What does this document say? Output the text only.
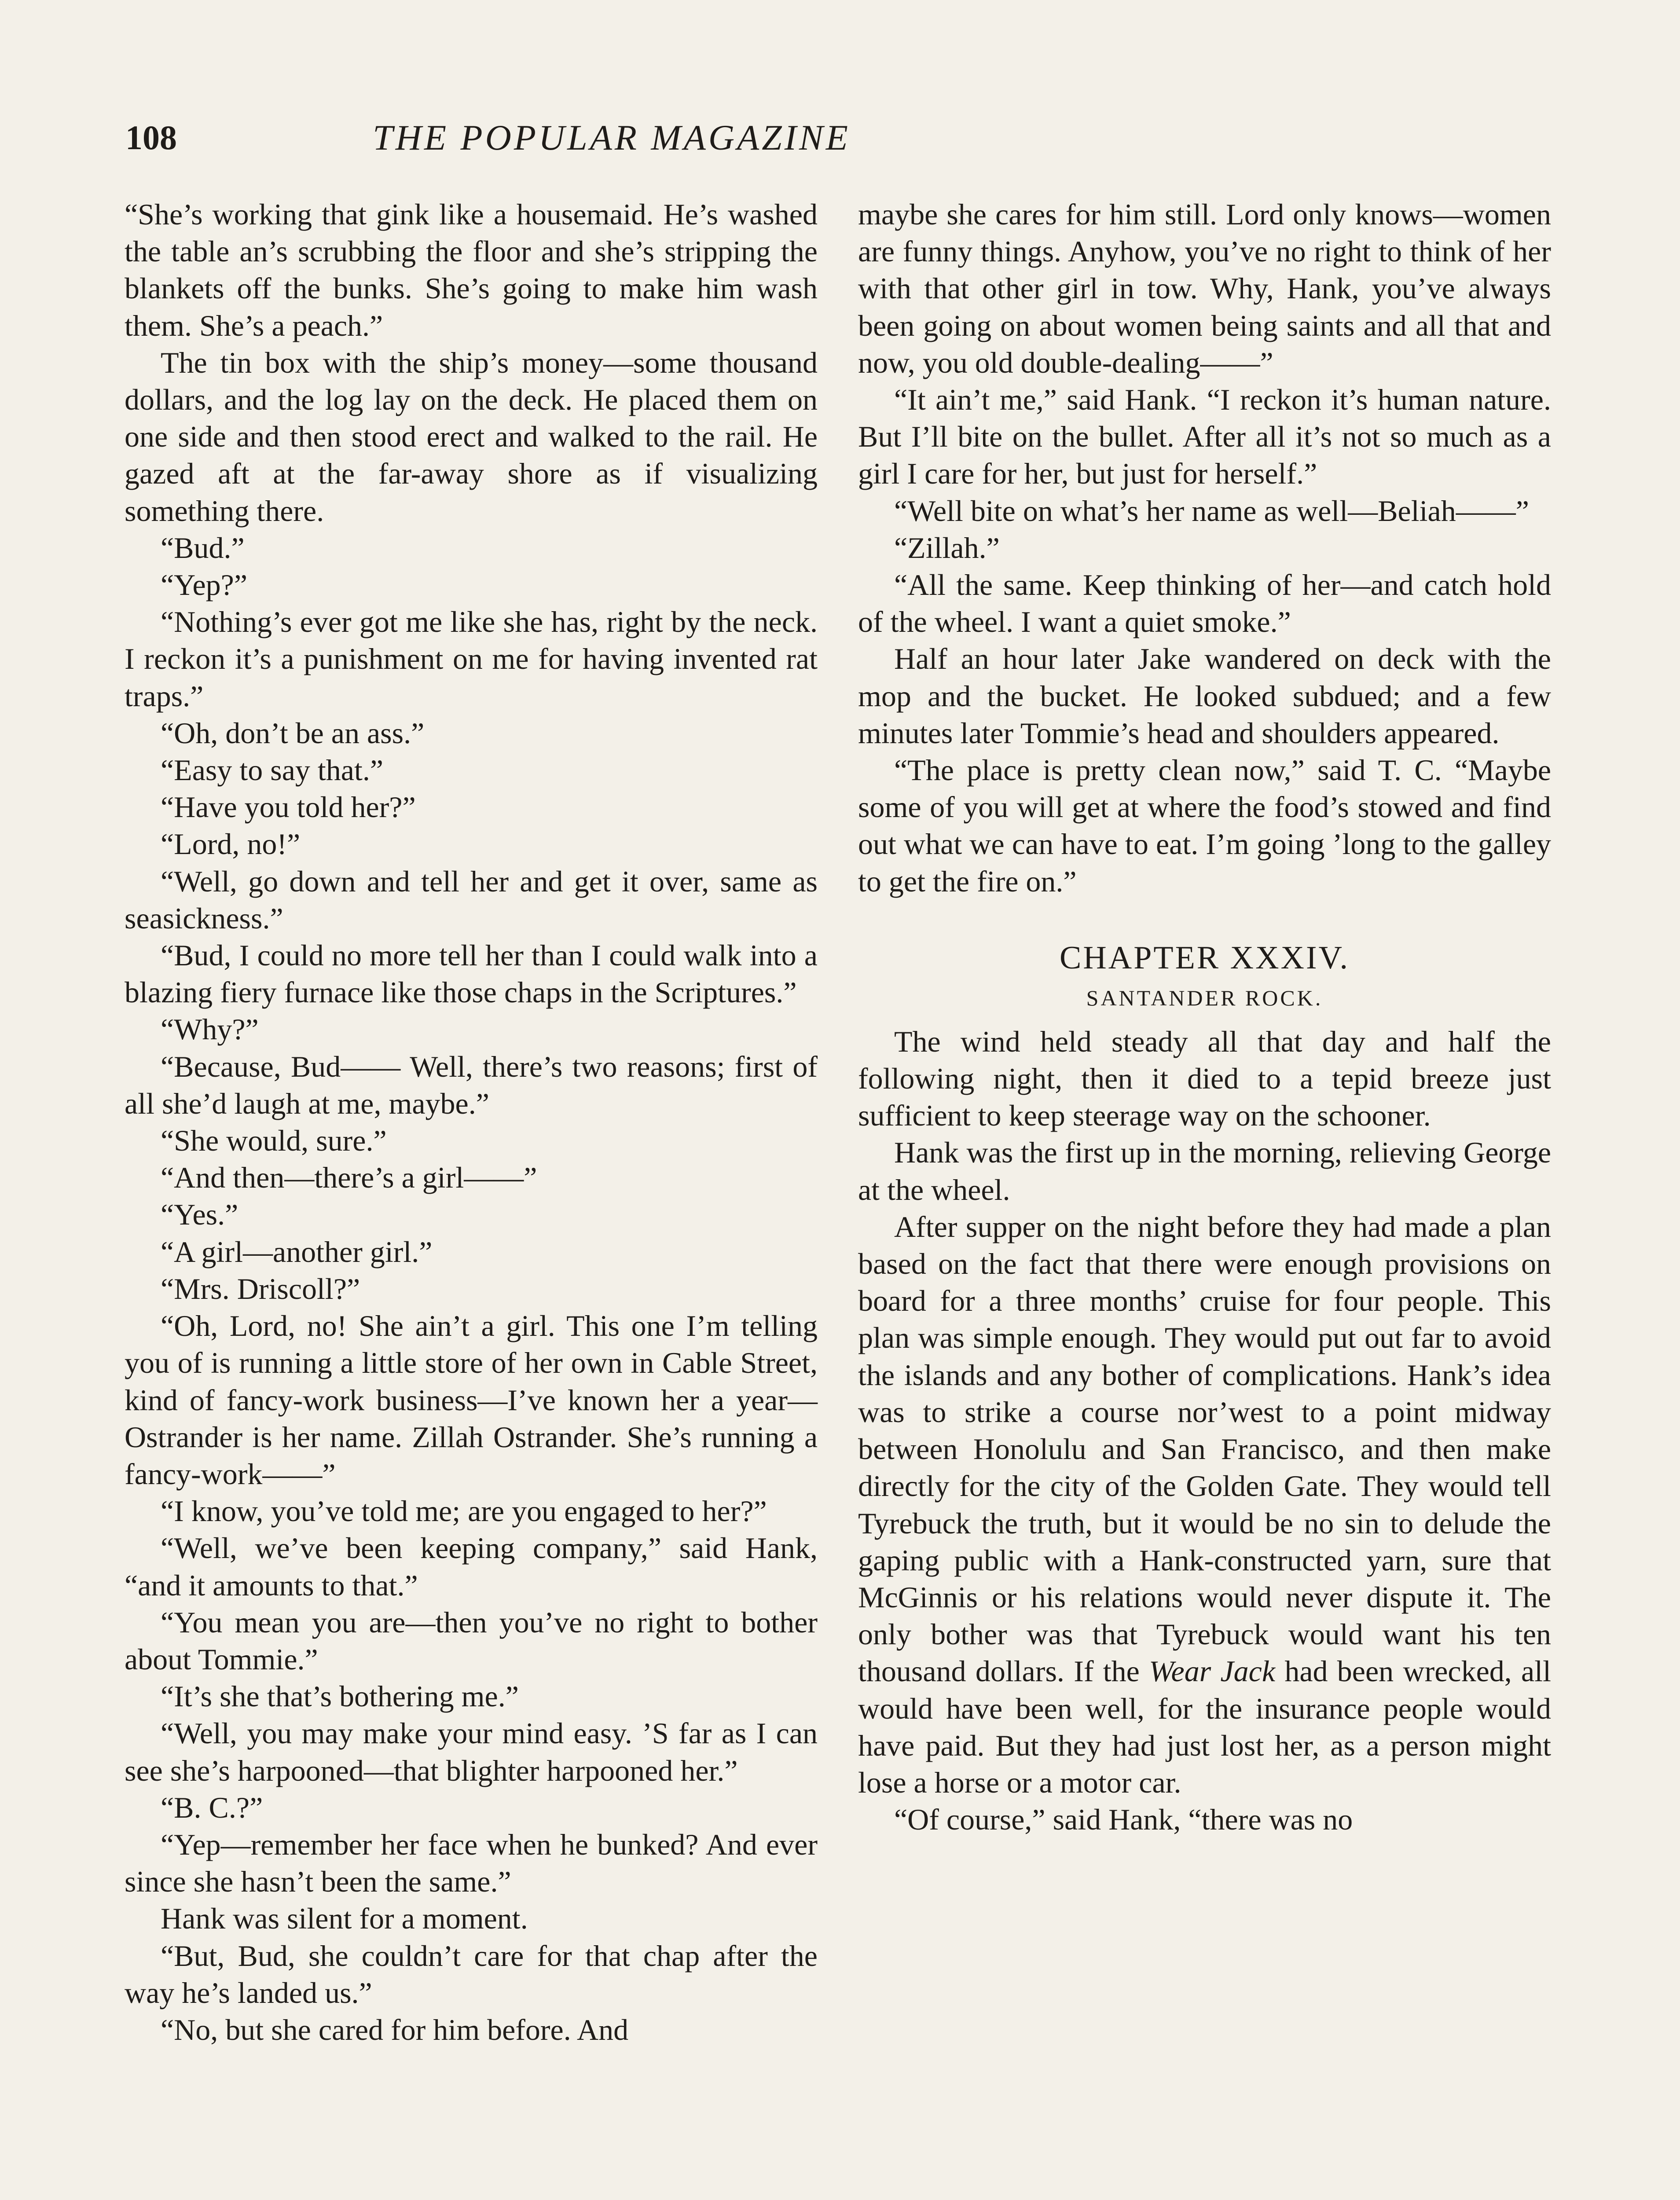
THE POPULAR MAGAZINE
108

“She’s working that gink like a housemaid. He’s washed the table an’s scrubbing the floor and she’s stripping the blankets off the bunks. She’s going to make him wash them. She’s a peach.”

The tin box with the ship’s money—some thousand dollars, and the log lay on the deck. He placed them on one side and then stood erect and walked to the rail. He gazed aft at the far-away shore as if visualizing something there.

“Bud.”

“Yep?”

“Nothing’s ever got me like she has, right by the neck. I reckon it’s a punishment on me for having invented rat traps.”

“Oh, don’t be an ass.”

“Easy to say that.”

“Have you told her?”

“Lord, no!”

“Well, go down and tell her and get it over, same as seasickness.”

“Bud, I could no more tell her than I could walk into a blazing fiery furnace like those chaps in the Scriptures.”

“Why?”

“Because, Bud—— Well, there’s two reasons; first of all she’d laugh at me, maybe.”

“She would, sure.”

“And then—there’s a girl——”

“Yes.”

“A girl—another girl.”

“Mrs. Driscoll?”

“Oh, Lord, no! She ain’t a girl. This one I’m telling you of is running a little store of her own in Cable Street, kind of fancy-work business—I’ve known her a year—Ostrander is her name. Zillah Ostrander. She’s running a fancy-work——”

“I know, you’ve told me; are you engaged to her?”

“Well, we’ve been keeping company,” said Hank, “and it amounts to that.”

“You mean you are—then you’ve no right to bother about Tommie.”

“It’s she that’s bothering me.”

“Well, you may make your mind easy. ’S far as I can see she’s harpooned—that blighter harpooned her.”

“B. C.?”

“Yep—remember her face when he bunked? And ever since she hasn’t been the same.”

Hank was silent for a moment.

“But, Bud, she couldn’t care for that chap after the way he’s landed us.”

“No, but she cared for him before. And

maybe she cares for him still. Lord only knows—women are funny things. Anyhow, you’ve no right to think of her with that other girl in tow. Why, Hank, you’ve always been going on about women being saints and all that and now, you old double-dealing——”

“It ain’t me,” said Hank. “I reckon it’s human nature. But I’ll bite on the bullet. After all it’s not so much as a girl I care for her, but just for herself.”

“Well bite on what’s her name as well—Beliah——”

“Zillah.”

“All the same. Keep thinking of her—and catch hold of the wheel. I want a quiet smoke.”

Half an hour later Jake wandered on deck with the mop and the bucket. He looked subdued; and a few minutes later Tommie’s head and shoulders appeared.

“The place is pretty clean now,” said T. C. “Maybe some of you will get at where the food’s stowed and find out what we can have to eat. I’m going ’long to the galley to get the fire on.”

CHAPTER XXXIV.
SANTANDER ROCK.

The wind held steady all that day and half the following night, then it died to a tepid breeze just sufficient to keep steerage way on the schooner.

Hank was the first up in the morning, relieving George at the wheel.

After supper on the night before they had made a plan based on the fact that there were enough provisions on board for a three months’ cruise for four people. This plan was simple enough. They would put out far to avoid the islands and any bother of complications. Hank’s idea was to strike a course nor’west to a point midway between Honolulu and San Francisco, and then make directly for the city of the Golden Gate. They would tell Tyrebuck the truth, but it would be no sin to delude the gaping public with a Hank-constructed yarn, sure that McGinnis or his relations would never dispute it. The only bother was that Tyrebuck would want his ten thousand dollars. If the Wear Jack had been wrecked, all would have been well, for the insurance people would have paid. But they had just lost her, as a person might lose a horse or a motor car.

“Of course,” said Hank, “there was no
